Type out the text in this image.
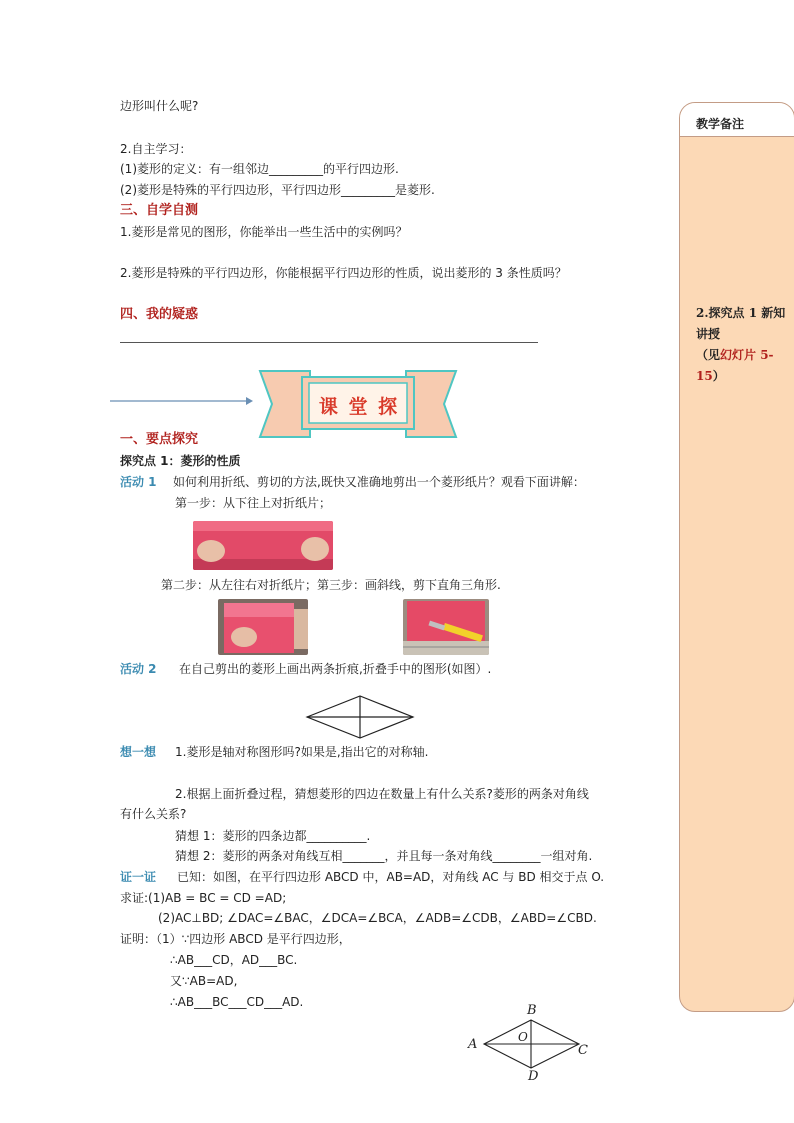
边形叫什么呢?
2.自主学习：
(1)菱形的定义：有一组邻边_________的平行四边形.
(2)菱形是特殊的平行四边形，平行四边形_________是菱形.
三、自学自测
1.菱形是常见的图形，你能举出一些生活中的实例吗？
2.菱形是特殊的平行四边形，你能根据平行四边形的性质，说出菱形的 3 条性质吗？
四、我的疑惑
课 堂 探
一、要点探究
探究点 1：菱形的性质
活动 1 如何利用折纸、剪切的方法,既快又准确地剪出一个菱形纸片？观看下面讲解：
第一步：从下往上对折纸片；
第二步：从左往右对折纸片；第三步：画斜线，剪下直角三角形.
活动 2 在自己剪出的菱形上画出两条折痕,折叠手中的图形(如图）.
想一想 1.菱形是轴对称图形吗?如果是,指出它的对称轴.
2.根据上面折叠过程，猜想菱形的四边在数量上有什么关系?菱形的两条对角线
有什么关系?
猜想 1：菱形的四条边都__________.
猜想 2：菱形的两条对角线互相_______，并且每一条对角线________一组对角.
证一证 已知：如图，在平行四边形 ABCD 中，AB=AD，对角线 AC 与 BD 相交于点 O.
求证:(1)AB = BC = CD =AD;
(2)AC⊥BD; ∠DAC=∠BAC，∠DCA=∠BCA，∠ADB=∠CDB，∠ABD=∠CBD.
证明：（1）∵四边形 ABCD 是平行四边形，
∴AB___CD，AD___BC.
又∵AB=AD,
∴AB___BC___CD___AD.
B
A	O
C
D
教学备注
2.探究点 1 新知讲授
（见幻灯片 5-15）
